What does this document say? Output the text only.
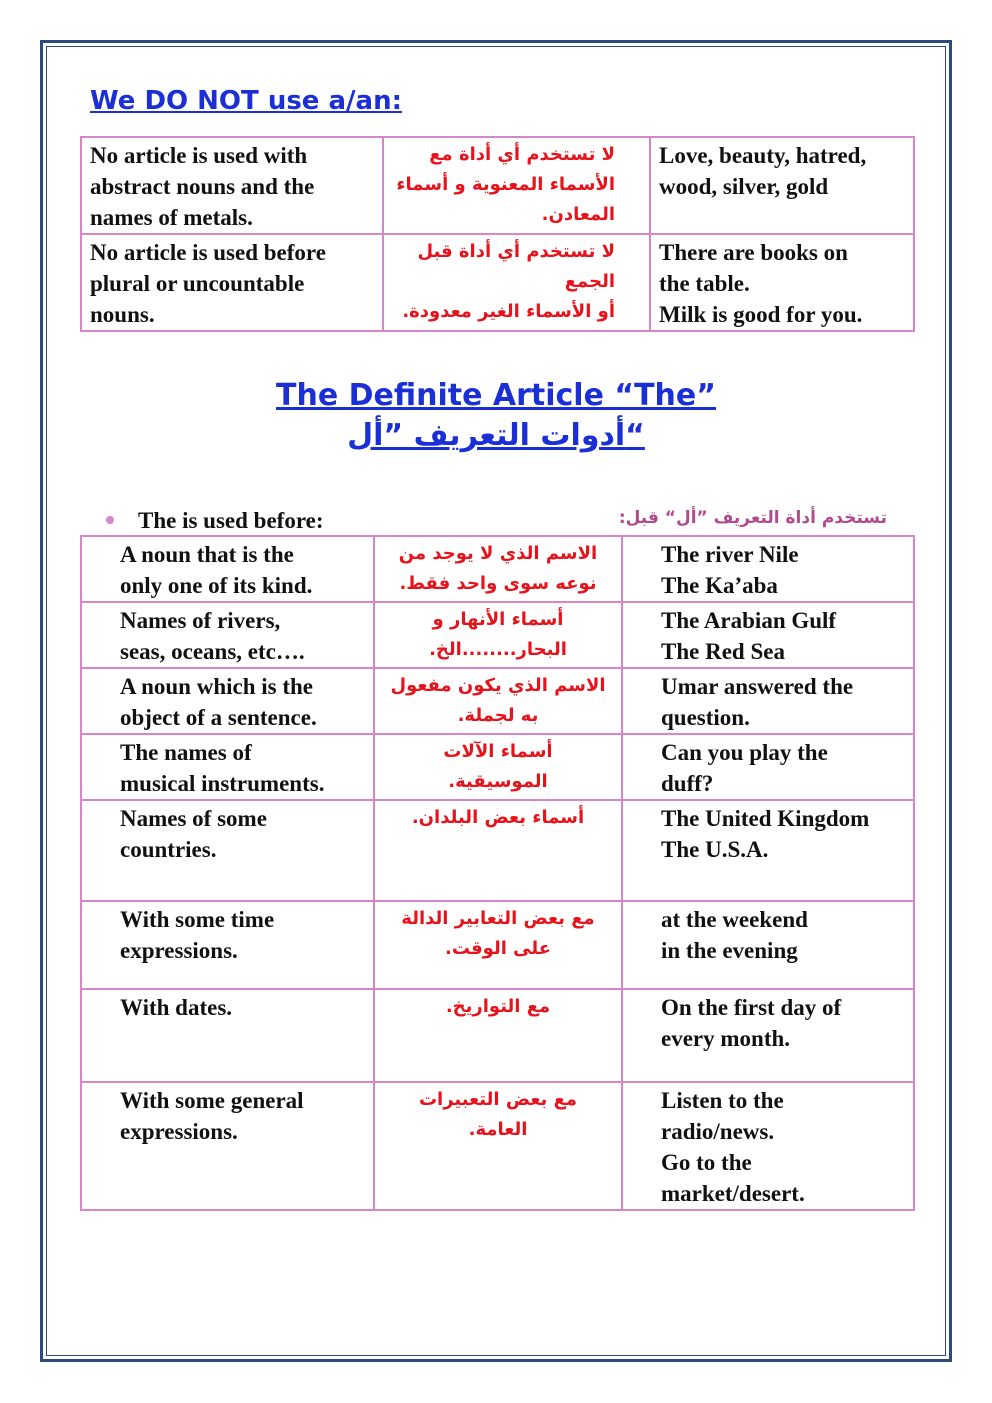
We DO NOT use a/an:
No article is used with
abstract nouns and the
names of metals.	لا تستخدم أي أداة مع
الأسماء المعنوية و أسماء
المعادن.	Love, beauty, hatred,
wood, silver, gold

No article is used before
plural or uncountable
nouns.	لا تستخدم أي أداة قبل الجمع
أو الأسماء الغير معدودة.	There are books on
the table.
Milk is good for you.
The Definite Article “The”
أدوات التعريف ”أل“
The is used before:	تستخدم أداة التعريف ”أل“ قبل:
A noun that is the
only one of its kind.	الاسم الذي لا يوجد من
نوعه سوى واحد فقط.	The river Nile
The Ka’aba

Names of rivers,
seas, oceans, etc….	أسماء الأنهار و
البحار........الخ.	The Arabian Gulf
The Red Sea

A noun which is the
object of a sentence.	الاسم الذي يكون مفعول
به لجملة.	Umar answered the
question.

The names of
musical instruments.	أسماء الآلات
الموسيقية.	Can you play the
duff?

Names of some
countries.	أسماء بعض البلدان.	The United Kingdom
The U.S.A.

With some time
expressions.	مع بعض التعابير الدالة
على الوقت.	at the weekend
in the evening

With dates.	مع التواريخ.	On the first day of
every month.

With some general
expressions.	مع بعض التعبيرات
العامة.	Listen to the
radio/news.
Go to the
market/desert.
